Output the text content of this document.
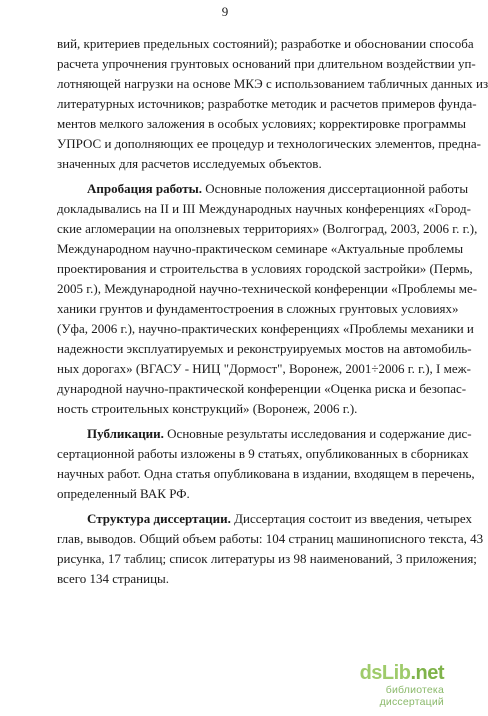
9
вий, критериев предельных состояний); разработке и обосновании способа
расчета упрочнения грунтовых оснований при длительном воздействии уп-
лотняющей нагрузки на основе МКЭ с использованием табличных данных из
литературных источников; разработке методик и расчетов примеров фунда-
ментов мелкого заложения в особых условиях; корректировке программы
УПРОС и дополняющих ее процедур и технологических элементов, предна-
значенных для расчетов исследуемых объектов.
Апробация работы. Основные положения диссертационной работы
докладывались на II и III Международных научных конференциях «Город-
ские агломерации на оползневых территориях» (Волгоград, 2003, 2006 г. г.),
Международном научно-практическом семинаре «Актуальные проблемы
проектирования и строительства в условиях городской застройки» (Пермь,
2005 г.), Международной научно-технической конференции «Проблемы ме-
ханики грунтов и фундаментостроения в сложных грунтовых условиях»
(Уфа, 2006 г.), научно-практических конференциях «Проблемы механики и
надежности эксплуатируемых и реконструируемых мостов на автомобиль-
ных дорогах» (ВГАСУ - НИЦ "Дормост", Воронеж, 2001÷2006 г. г.), I меж-
дународной научно-практической конференции «Оценка риска и безопас-
ность строительных конструкций» (Воронеж, 2006 г.).
Публикации. Основные результаты исследования и содержание дис-
сертационной работы изложены в 9 статьях, опубликованных в сборниках
научных работ. Одна статья опубликована в издании, входящем в перечень,
определенный ВАК РФ.
Структура диссертации. Диссертация состоит из введения, четырех
глав, выводов. Общий объем работы: 104 страниц машинописного текста, 43
рисунка, 17 таблиц; список литературы из 98 наименований, 3 приложения;
всего 134 страницы.
dsLib .net
библиотека диссертаций
